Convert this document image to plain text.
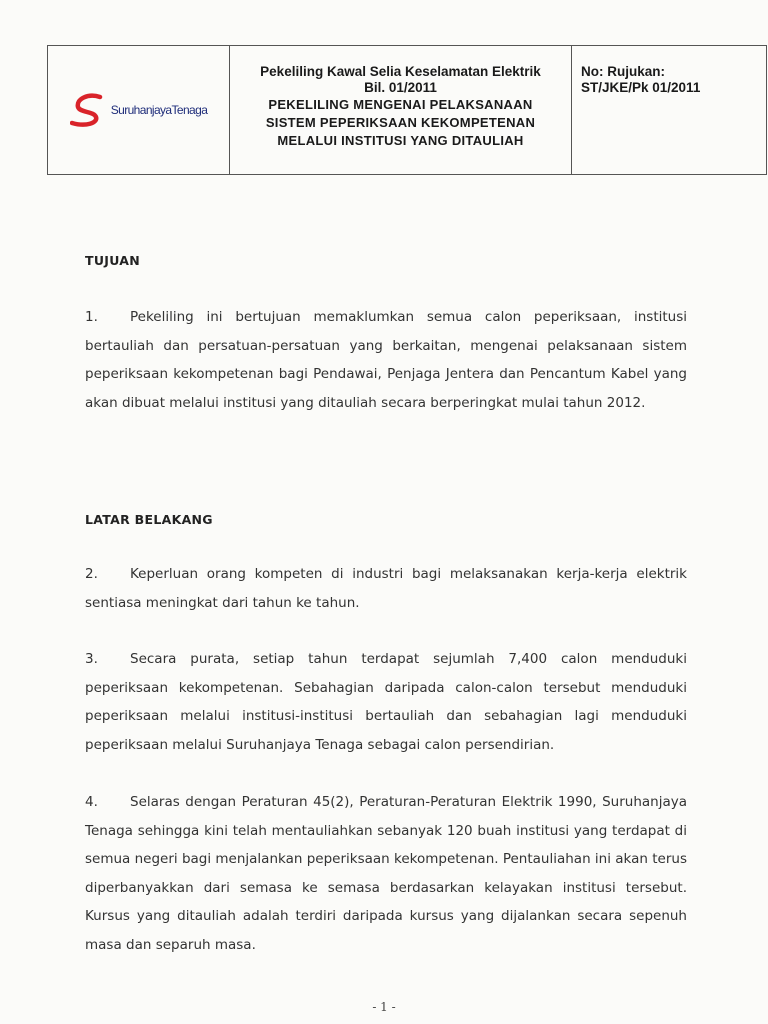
SuruhanjayaTenaga
Pekeliling Kawal Selia Keselamatan Elektrik
Bil. 01/2011
PEKELILING MENGENAI PELAKSANAAN
SISTEM PEPERIKSAAN KEKOMPETENAN
MELALUI INSTITUSI YANG DITAULIAH
No: Rujukan:
ST/JKE/Pk 01/2011
TUJUAN
1. Pekeliling ini bertujuan memaklumkan semua calon peperiksaan, institusi bertauliah dan persatuan-persatuan yang berkaitan, mengenai pelaksanaan sistem peperiksaan kekompetenan bagi Pendawai, Penjaga Jentera dan Pencantum Kabel yang akan dibuat melalui institusi yang ditauliah secara berperingkat mulai tahun 2012.
LATAR BELAKANG
2. Keperluan orang kompeten di industri bagi melaksanakan kerja-kerja elektrik sentiasa meningkat dari tahun ke tahun.
3. Secara purata, setiap tahun terdapat sejumlah 7,400 calon menduduki peperiksaan kekompetenan. Sebahagian daripada calon-calon tersebut menduduki peperiksaan melalui institusi-institusi bertauliah dan sebahagian lagi menduduki peperiksaan melalui Suruhanjaya Tenaga sebagai calon persendirian.
4. Selaras dengan Peraturan 45(2), Peraturan-Peraturan Elektrik 1990, Suruhanjaya Tenaga sehingga kini telah mentauliahkan sebanyak 120 buah institusi yang terdapat di semua negeri bagi menjalankan peperiksaan kekompetenan. Pentauliahan ini akan terus diperbanyakkan dari semasa ke semasa berdasarkan kelayakan institusi tersebut. Kursus yang ditauliah adalah terdiri daripada kursus yang dijalankan secara sepenuh masa dan separuh masa.
- 1 -
